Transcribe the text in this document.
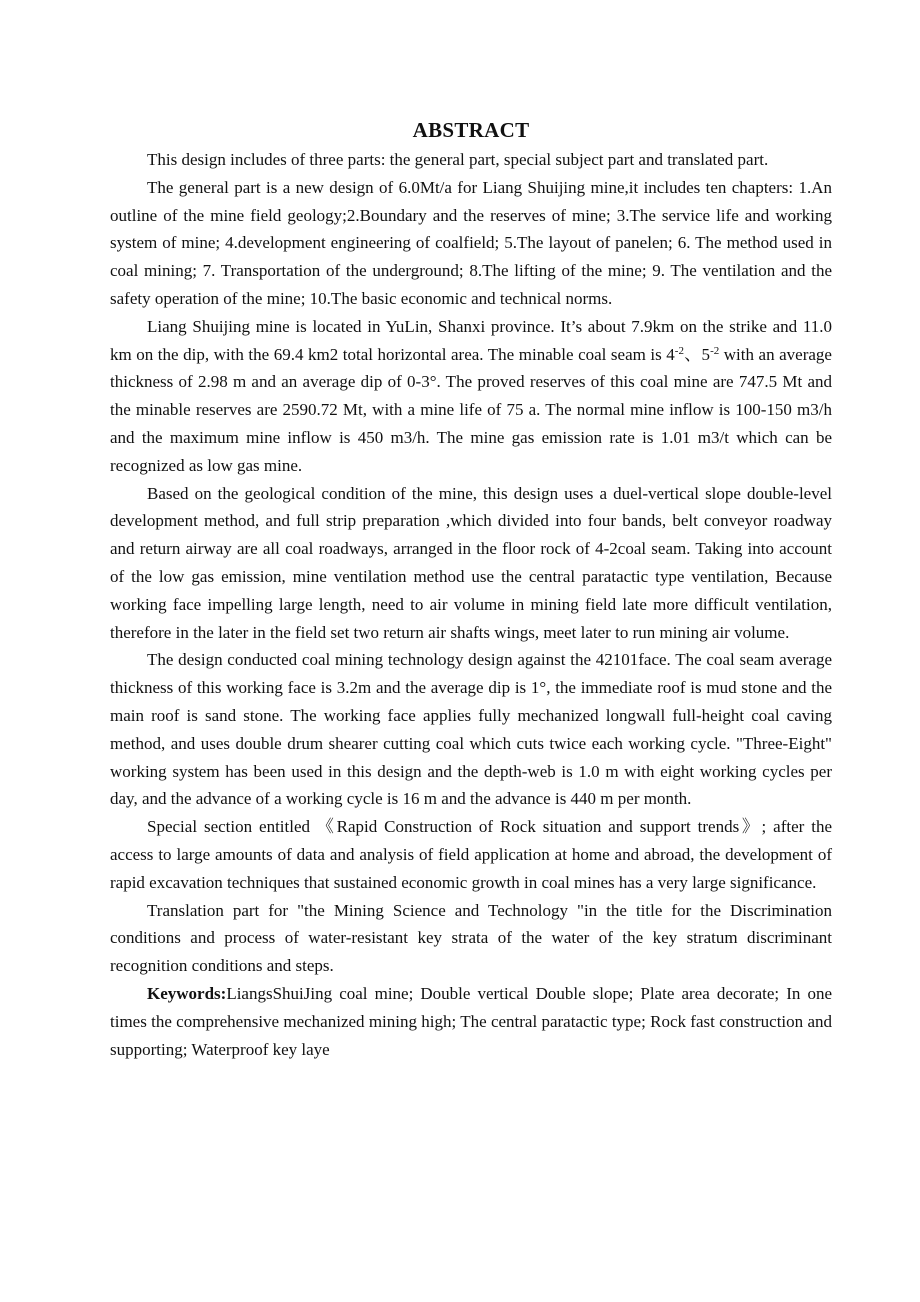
ABSTRACT

This design includes of three parts: the general part, special subject part and translated part.

The general part is a new design of 6.0Mt/a for Liang Shuijing mine,it includes ten chapters: 1.An outline of the mine field geology;2.Boundary and the reserves of mine; 3.The service life and working system of mine; 4.development engineering of coalfield; 5.The layout of panelen; 6. The method used in coal mining; 7. Transportation of the underground; 8.The lifting of the mine; 9. The ventilation and the safety operation of the mine; 10.The basic economic and technical norms.

Liang Shuijing mine is located in YuLin, Shanxi province. It’s about 7.9km on the strike and 11.0 km on the dip, with the 69.4 km2 total horizontal area. The minable coal seam is $4^{-2}$、$5^{-2}$ with an average thickness of 2.98 m and an average dip of 0-3°. The proved reserves of this coal mine are 747.5 Mt and the minable reserves are 2590.72 Mt, with a mine life of 75 a. The normal mine inflow is 100-150 m3/h and the maximum mine inflow is 450 m3/h. The mine gas emission rate is 1.01 m3/t which can be recognized as low gas mine.

Based on the geological condition of the mine, this design uses a duel-vertical slope double-level development method, and full strip preparation ,which divided into four bands, belt conveyor roadway and return airway are all coal roadways, arranged in the floor rock of 4-2coal seam. Taking into account of the low gas emission, mine ventilation method use the central paratactic type ventilation, Because working face impelling large length, need to air volume in mining field late more difficult ventilation, therefore in the later in the field set two return air shafts wings, meet later to run mining air volume.

The design conducted coal mining technology design against the 42101face. The coal seam average thickness of this working face is 3.2m and the average dip is 1°, the immediate roof is mud stone and the main roof is sand stone. The working face applies fully mechanized longwall full-height coal caving method, and uses double drum shearer cutting coal which cuts twice each working cycle. "Three-Eight" working system has been used in this design and the depth-web is 1.0 m with eight working cycles per day, and the advance of a working cycle is 16 m and the advance is 440 m per month.

Special section entitled 《Rapid Construction of Rock situation and support trends》; after the access to large amounts of data and analysis of field application at home and abroad, the development of rapid excavation techniques that sustained economic growth in coal mines has a very large significance.

Translation part for "the Mining Science and Technology "in the title for the Discrimination conditions and process of water-resistant key strata of the water of the key stratum discriminant recognition conditions and steps.

Keywords:LiangsShuiJing coal mine; Double vertical Double slope; Plate area decorate; In one times the comprehensive mechanized mining high; The central paratactic type; Rock fast construction and supporting; Waterproof key laye
